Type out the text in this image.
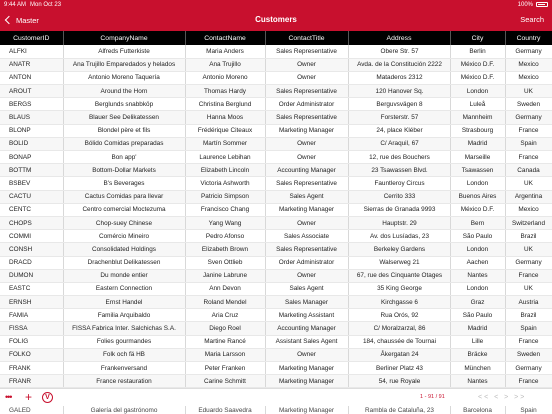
9:44 AM Mon Oct 23	100%
Master	Customers	Search
CustomerID	CompanyName	ContactName	ContactTitle	Address	City	Country
ALFKI	Alfreds Futterkiste	Maria Anders	Sales Representative	Obere Str. 57	Berlin	Germany
ANATR	Ana Trujillo Emparedados y helados	Ana Trujillo	Owner	Avda. de la Constitución 2222	México D.F.	Mexico
ANTON	Antonio Moreno Taquería	Antonio Moreno	Owner	Mataderos 2312	México D.F.	Mexico
AROUT	Around the Horn	Thomas Hardy	Sales Representative	120 Hanover Sq.	London	UK
BERGS	Berglunds snabbköp	Christina Berglund	Order Administrator	Berguvsvägen 8	Luleå	Sweden
BLAUS	Blauer See Delikatessen	Hanna Moos	Sales Representative	Forsterstr. 57	Mannheim	Germany
BLONP	Blondel père et fils	Frédérique Citeaux	Marketing Manager	24, place Kléber	Strasbourg	France
BOLID	Bólido Comidas preparadas	Martín Sommer	Owner	C/ Araquil, 67	Madrid	Spain
BONAP	Bon app'	Laurence Lebihan	Owner	12, rue des Bouchers	Marseille	France
BOTTM	Bottom-Dollar Markets	Elizabeth Lincoln	Accounting Manager	23 Tsawassen Blvd.	Tsawassen	Canada
BSBEV	B's Beverages	Victoria Ashworth	Sales Representative	Fauntleroy Circus	London	UK
CACTU	Cactus Comidas para llevar	Patricio Simpson	Sales Agent	Cerrito 333	Buenos Aires	Argentina
CENTC	Centro comercial Moctezuma	Francisco Chang	Marketing Manager	Sierras de Granada 9993	México D.F.	Mexico
CHOPS	Chop-suey Chinese	Yang Wang	Owner	Hauptstr. 29	Bern	Switzerland
COMMI	Comércio Mineiro	Pedro Afonso	Sales Associate	Av. dos Lusíadas, 23	São Paulo	Brazil
CONSH	Consolidated Holdings	Elizabeth Brown	Sales Representative	Berkeley Gardens	London	UK
DRACD	Drachenblut Delikatessen	Sven Ottlieb	Order Administrator	Walserweg 21	Aachen	Germany
DUMON	Du monde entier	Janine Labrune	Owner	67, rue des Cinquante Otages	Nantes	France
EASTC	Eastern Connection	Ann Devon	Sales Agent	35 King George	London	UK
ERNSH	Ernst Handel	Roland Mendel	Sales Manager	Kirchgasse 6	Graz	Austria
FAMIA	Familia Arquibaldo	Aria Cruz	Marketing Assistant	Rua Orós, 92	São Paulo	Brazil
FISSA	FISSA Fabrica Inter. Salchichas S.A.	Diego Roel	Accounting Manager	C/ Moralzarzal, 86	Madrid	Spain
FOLIG	Folies gourmandes	Martine Rancé	Assistant Sales Agent	184, chaussée de Tournai	Lille	France
FOLKO	Folk och fä HB	Maria Larsson	Owner	Åkergatan 24	Bräcke	Sweden
FRANK	Frankenversand	Peter Franken	Marketing Manager	Berliner Platz 43	München	Germany
FRANR	France restauration	Carine Schmitt	Marketing Manager	54, rue Royale	Nantes	France

••• +	V	1 - 91 / 91	<< < > >>
GALED	Galería del gastrónomo	Eduardo Saavedra	Marketing Manager	Rambla de Cataluña, 23	Barcelona	Spain
